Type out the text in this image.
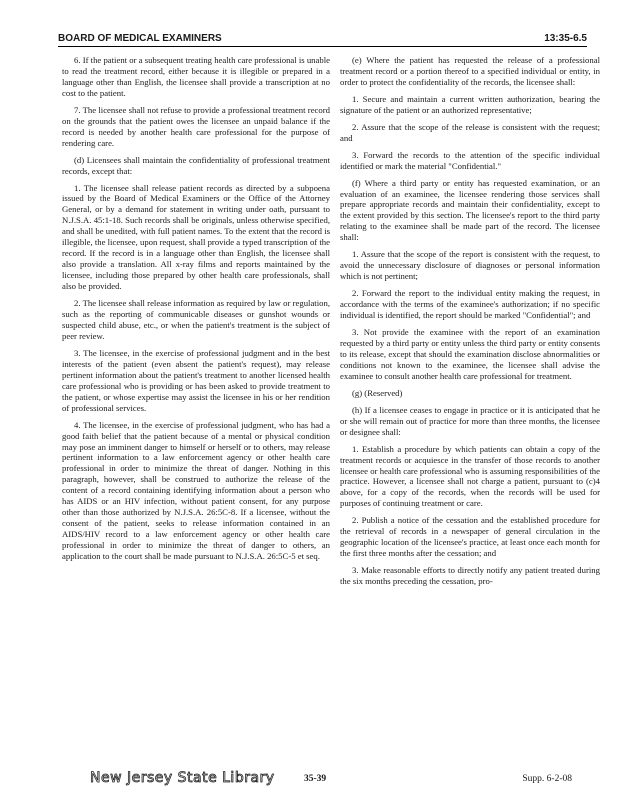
BOARD OF MEDICAL EXAMINERS	13:35-6.5

6. If the patient or a subsequent treating health care professional is unable to read the treatment record, either because it is illegible or prepared in a language other than English, the licensee shall provide a transcription at no cost to the patient.

7. The licensee shall not refuse to provide a professional treatment record on the grounds that the patient owes the licensee an unpaid balance if the record is needed by another health care professional for the purpose of rendering care.

(d) Licensees shall maintain the confidentiality of professional treatment records, except that:

1. The licensee shall release patient records as directed by a subpoena issued by the Board of Medical Examiners or the Office of the Attorney General, or by a demand for statement in writing under oath, pursuant to N.J.S.A. 45:1-18. Such records shall be originals, unless otherwise specified, and shall be unedited, with full patient names. To the extent that the record is illegible, the licensee, upon request, shall provide a typed transcription of the record. If the record is in a language other than English, the licensee shall also provide a translation. All x-ray films and reports maintained by the licensee, including those prepared by other health care professionals, shall also be provided.

2. The licensee shall release information as required by law or regulation, such as the reporting of communicable diseases or gunshot wounds or suspected child abuse, etc., or when the patient's treatment is the subject of peer review.

3. The licensee, in the exercise of professional judgment and in the best interests of the patient (even absent the patient's request), may release pertinent information about the patient's treatment to another licensed health care professional who is providing or has been asked to provide treatment to the patient, or whose expertise may assist the licensee in his or her rendition of professional services.

4. The licensee, in the exercise of professional judgment, who has had a good faith belief that the patient because of a mental or physical condition may pose an imminent danger to himself or herself or to others, may release pertinent information to a law enforcement agency or other health care professional in order to minimize the threat of danger. Nothing in this paragraph, however, shall be construed to authorize the release of the content of a record containing identifying information about a person who has AIDS or an HIV infection, without patient consent, for any purpose other than those authorized by N.J.S.A. 26:5C-8. If a licensee, without the consent of the patient, seeks to release information contained in an AIDS/HIV record to a law enforcement agency or other health care professional in order to minimize the threat of danger to others, an application to the court shall be made pursuant to N.J.S.A. 26:5C-5 et seq.

(e) Where the patient has requested the release of a professional treatment record or a portion thereof to a specified individual or entity, in order to protect the confidentiality of the records, the licensee shall:

1. Secure and maintain a current written authorization, bearing the signature of the patient or an authorized representative;

2. Assure that the scope of the release is consistent with the request; and

3. Forward the records to the attention of the specific individual identified or mark the material "Confidential."

(f) Where a third party or entity has requested examination, or an evaluation of an examinee, the licensee rendering those services shall prepare appropriate records and maintain their confidentiality, except to the extent provided by this section. The licensee's report to the third party relating to the examinee shall be made part of the record. The licensee shall:

1. Assure that the scope of the report is consistent with the request, to avoid the unnecessary disclosure of diagnoses or personal information which is not pertinent;

2. Forward the report to the individual entity making the request, in accordance with the terms of the examinee's authorization; if no specific individual is identified, the report should be marked "Confidential"; and

3. Not provide the examinee with the report of an examination requested by a third party or entity unless the third party or entity consents to its release, except that should the examination disclose abnormalities or conditions not known to the examinee, the licensee shall advise the examinee to consult another health care professional for treatment.

(g) (Reserved)

(h) If a licensee ceases to engage in practice or it is anticipated that he or she will remain out of practice for more than three months, the licensee or designee shall:

1. Establish a procedure by which patients can obtain a copy of the treatment records or acquiesce in the transfer of those records to another licensee or health care professional who is assuming responsibilities of the practice. However, a licensee shall not charge a patient, pursuant to (c)4 above, for a copy of the records, when the records will be used for purposes of continuing treatment or care.

2. Publish a notice of the cessation and the established procedure for the retrieval of records in a newspaper of general circulation in the geographic location of the licensee's practice, at least once each month for the first three months after the cessation; and

3. Make reasonable efforts to directly notify any patient treated during the six months preceding the cessation, pro-

New Jersey State Library	35-39	Supp. 6-2-08
